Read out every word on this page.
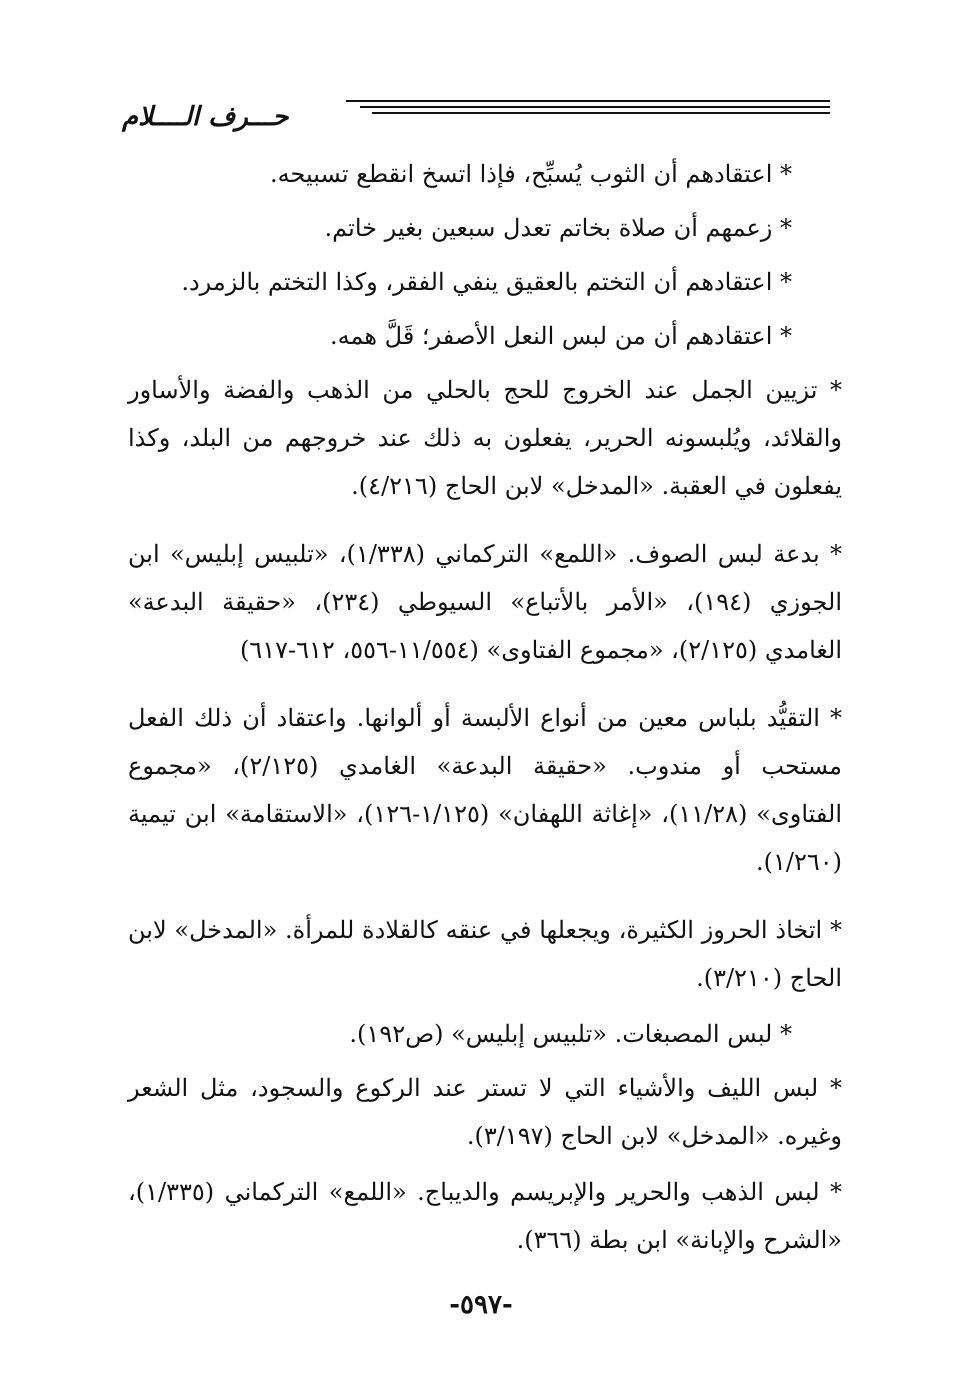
حـــرف الــــلام

* اعتقادهم أن الثوب يُسبِّح، فإذا اتسخ انقطع تسبيحه.

* زعمهم أن صلاة بخاتم تعدل سبعين بغير خاتم.

* اعتقادهم أن التختم بالعقيق ينفي الفقر، وكذا التختم بالزمرد.

* اعتقادهم أن من لبس النعل الأصفر؛ قَلَّ همه.

* تزيين الجمل عند الخروج للحج بالحلي من الذهب والفضة والأساور والقلائد، ويُلبسونه الحرير، يفعلون به ذلك عند خروجهم من البلد، وكذا يفعلون في العقبة. «المدخل» لابن الحاج (٤/٢١٦).

* بدعة لبس الصوف. «اللمع» التركماني (١/٣٣٨)، «تلبيس إبليس» ابن الجوزي (١٩٤)، «الأمر بالأتباع» السيوطي (٢٣٤)، «حقيقة البدعة» الغامدي (٢/١٢٥)، «مجموع الفتاوى» (١١/٥٥٤-٥٥٦، ٦١٢-٦١٧)

* التقيُّد بلباس معين من أنواع الألبسة أو ألوانها. واعتقاد أن ذلك الفعل مستحب أو مندوب. «حقيقة البدعة» الغامدي (٢/١٢٥)، «مجموع الفتاوى» (١١/٢٨)، «إغاثة اللهفان» (١/١٢٥-١٢٦)، «الاستقامة» ابن تيمية (١/٢٦٠).

* اتخاذ الحروز الكثيرة، ويجعلها في عنقه كالقلادة للمرأة. «المدخل» لابن الحاج (٣/٢١٠).

* لبس المصبغات. «تلبيس إبليس» (ص١٩٢).

* لبس الليف والأشياء التي لا تستر عند الركوع والسجود، مثل الشعر وغيره. «المدخل» لابن الحاج (٣/١٩٧).

* لبس الذهب والحرير والإبريسم والديباج. «اللمع» التركماني (١/٣٣٥)، «الشرح والإبانة» ابن بطة (٣٦٦).

-٥٩٧-
